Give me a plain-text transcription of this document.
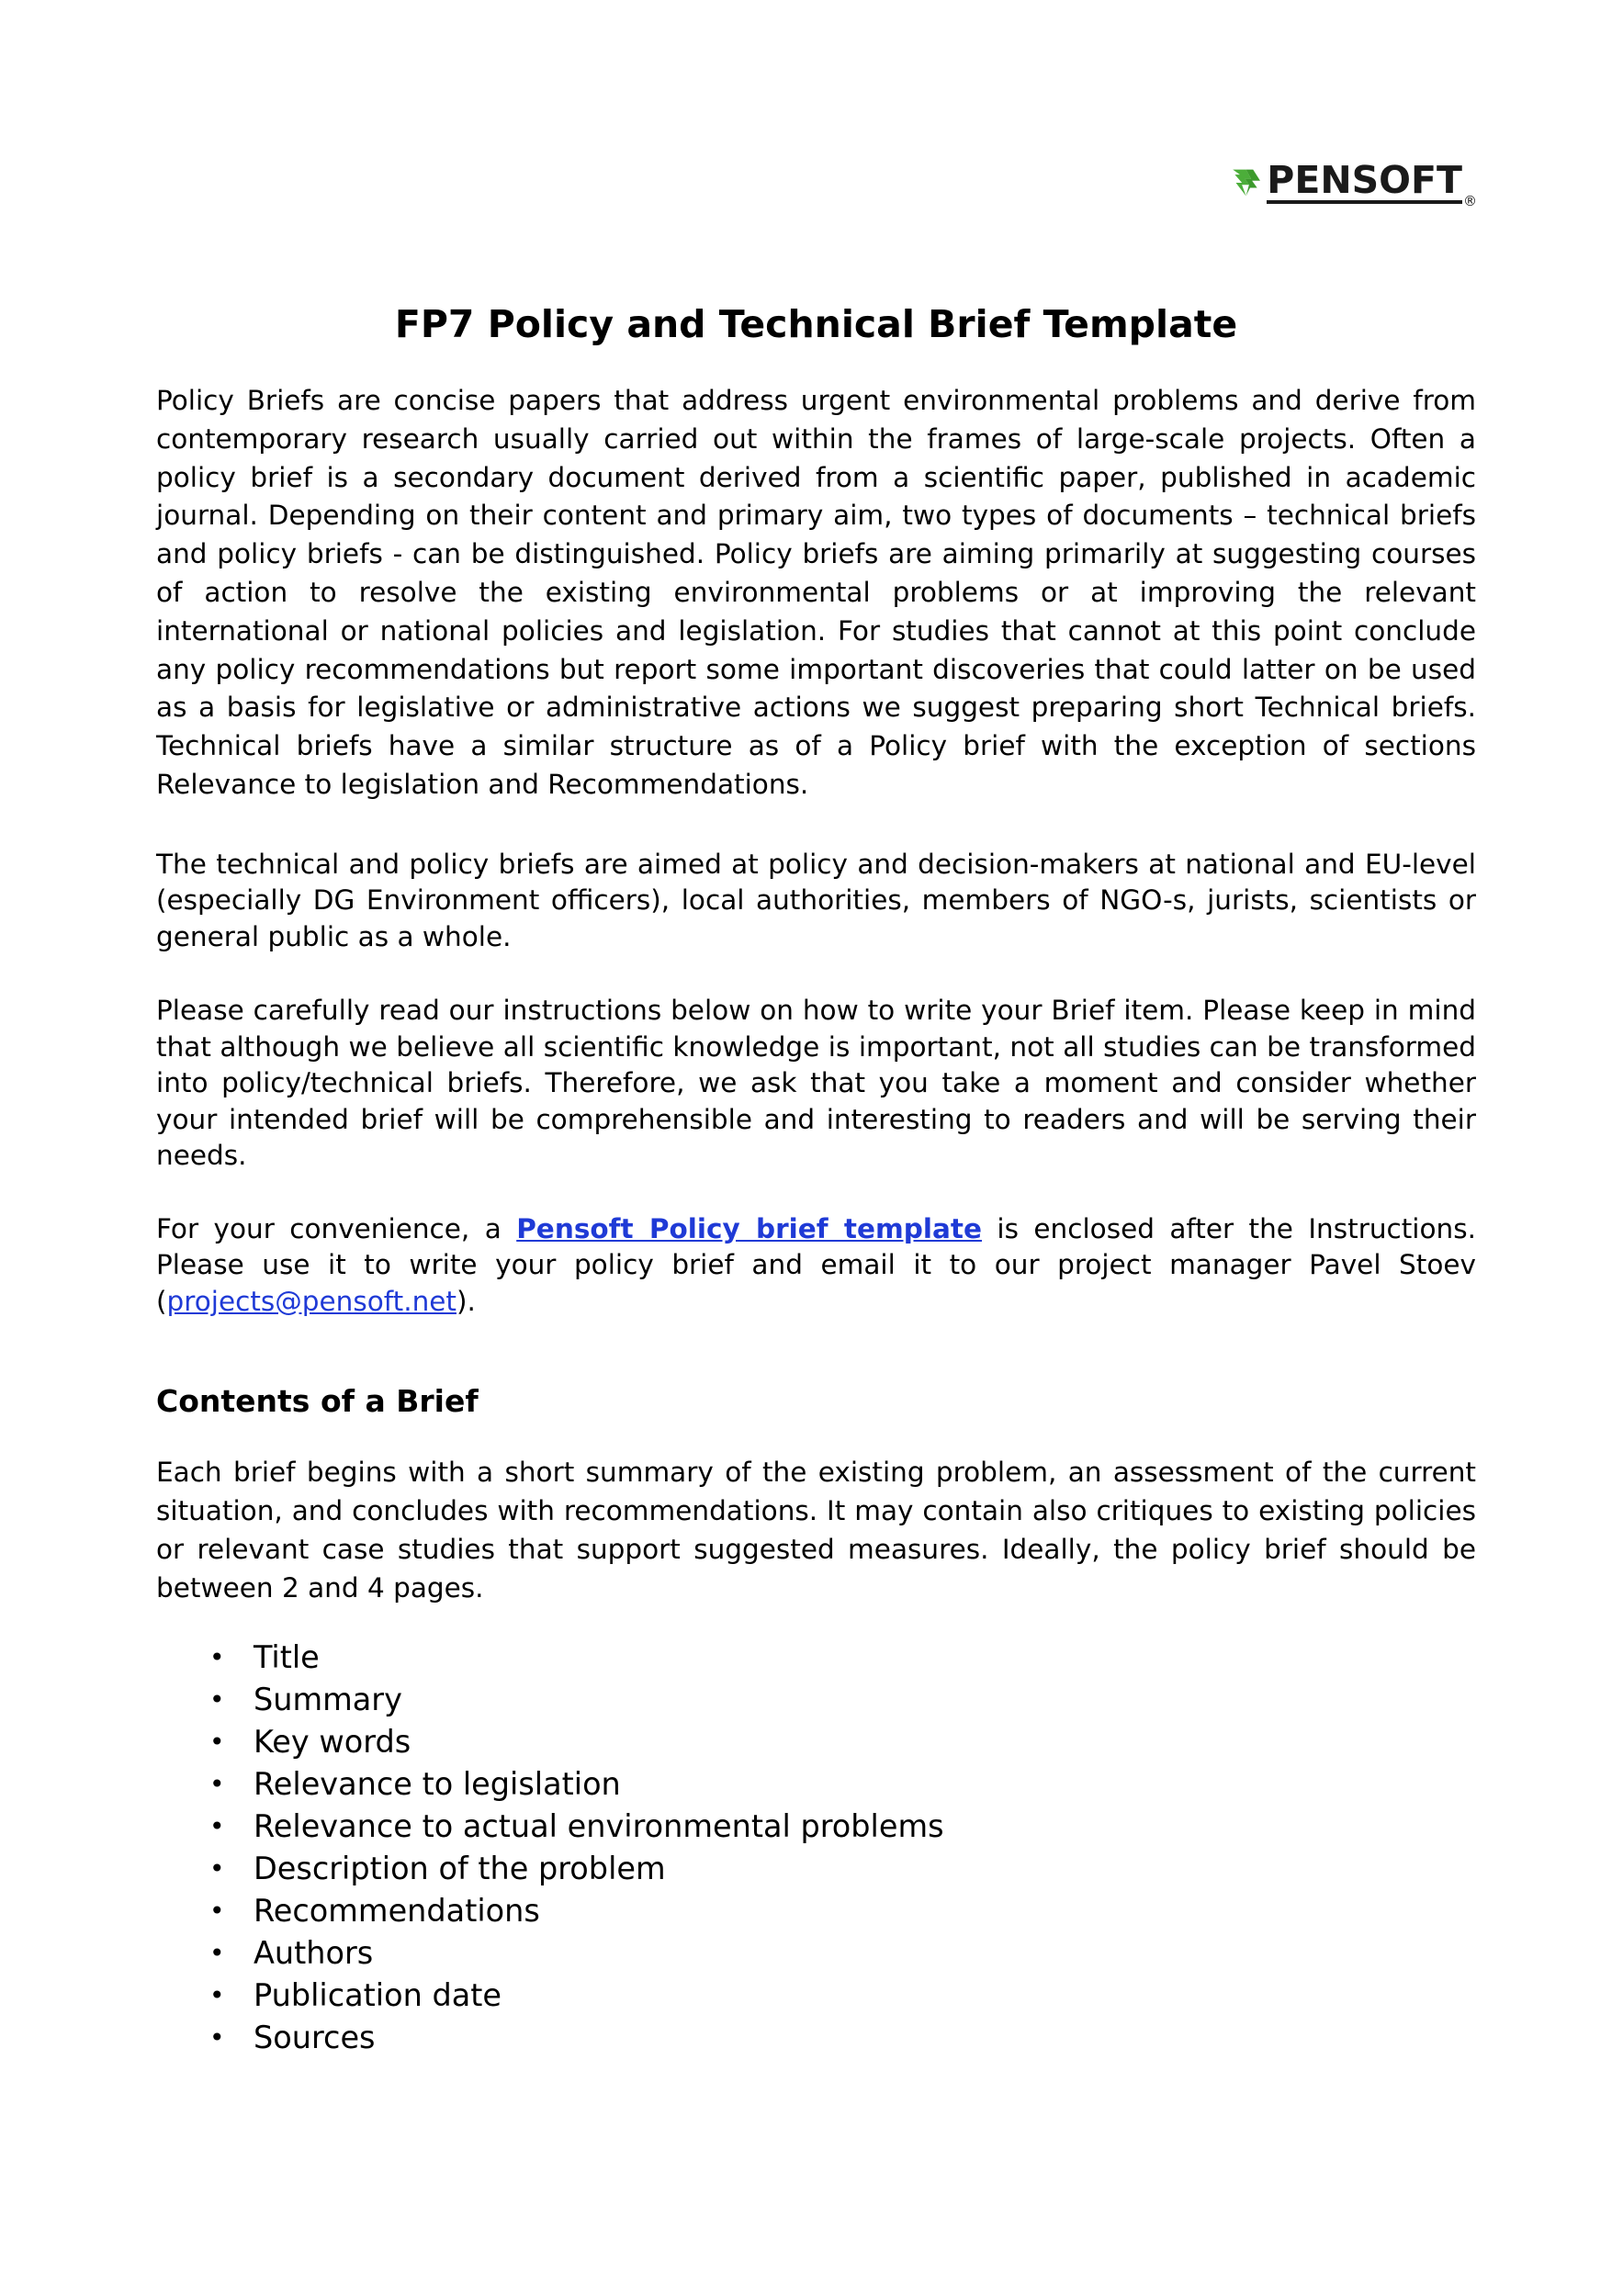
PENSOFT ®
FP7 Policy and Technical Brief Template

Policy Briefs are concise papers that address urgent environmental problems and derive from contemporary research usually carried out within the frames of large-scale projects. Often a policy brief is a secondary document derived from a scientific paper, published in academic journal. Depending on their content and primary aim, two types of documents – technical briefs and policy briefs - can be distinguished. Policy briefs are aiming primarily at suggesting courses of action to resolve the existing environmental problems or at improving the relevant international or national policies and legislation. For studies that cannot at this point conclude any policy recommendations but report some important discoveries that could latter on be used as a basis for legislative or administrative actions we suggest preparing short Technical briefs. Technical briefs have a similar structure as of a Policy brief with the exception of sections Relevance to legislation and Recommendations.

The technical and policy briefs are aimed at policy and decision-makers at national and EU-level (especially DG Environment officers), local authorities, members of NGO-s, jurists, scientists or general public as a whole.

Please carefully read our instructions below on how to write your Brief item. Please keep in mind that although we believe all scientific knowledge is important, not all studies can be transformed into policy/technical briefs. Therefore, we ask that you take a moment and consider whether your intended brief will be comprehensible and interesting to readers and will be serving their needs.

For your convenience, a Pensoft Policy brief template is enclosed after the Instructions. Please use it to write your policy brief and email it to our project manager Pavel Stoev (projects@pensoft.net).

Contents of a Brief

Each brief begins with a short summary of the existing problem, an assessment of the current situation, and concludes with recommendations. It may contain also critiques to existing policies or relevant case studies that support suggested measures. Ideally, the policy brief should be between 2 and 4 pages.

• Title
• Summary
• Key words
• Relevance to legislation
• Relevance to actual environmental problems
• Description of the problem
• Recommendations
• Authors
• Publication date
• Sources
